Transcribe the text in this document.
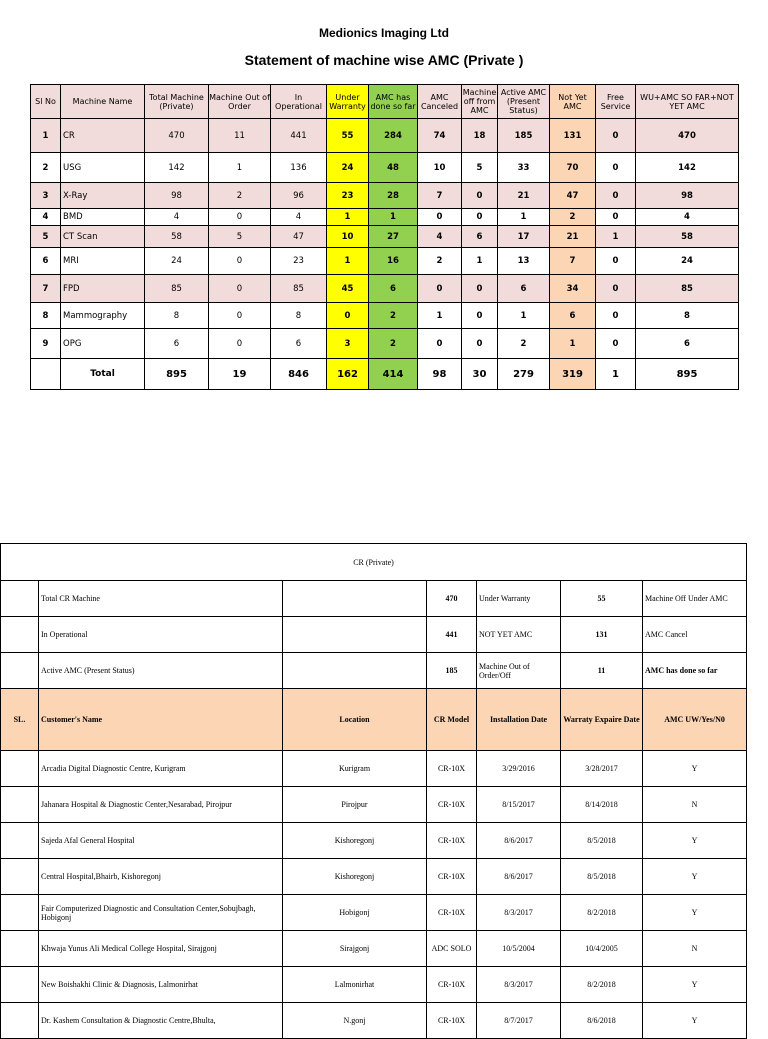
Medionics Imaging Ltd
Statement of machine wise AMC (Private )
Sl No	Machine Name	Total Machine (Private)	Machine Out of Order	In Operational	Under Warranty	AMC has done so far	AMC Canceled	Machine off from AMC	Active AMC (Present Status)	Not Yet AMC	Free Service	WU+AMC SO FAR+NOT YET AMC
1	CR	470	11	441	55	284	74	18	185	131	0	470
2	USG	142	1	136	24	48	10	5	33	70	0	142
3	X-Ray	98	2	96	23	28	7	0	21	47	0	98
4	BMD	4	0	4	1	1	0	0	1	2	0	4
5	CT Scan	58	5	47	10	27	4	6	17	21	1	58
6	MRI	24	0	23	1	16	2	1	13	7	0	24
7	FPD	85	0	85	45	6	0	0	6	34	0	85
8	Mammography	8	0	8	0	2	1	0	1	6	0	8
9	OPG	6	0	6	3	2	0	0	2	1	0	6
	Total	895	19	846	162	414	98	30	279	319	1	895
CR (Private)						
	Total CR Machine		470	Under Warranty	55	Machine Off Under AMC
	In Operational		441	NOT YET AMC	131	AMC Cancel
	Active AMC (Present Status)		185	Machine Out of Order/Off	11	AMC has done so far
SL.	Customer's Name	Location	CR Model	Installation Date	Warraty Expaire Date	AMC UW/Yes/N0
	Arcadia Digital Diagnostic Centre, Kurigram	Kurigram	CR-10X	3/29/2016	3/28/2017	Y
	Jahanara Hospital & Diagnostic Center,Nesarabad, Pirojpur	Pirojpur	CR-10X	8/15/2017	8/14/2018	N
	Sajeda Afal General Hospital	Kishoregonj	CR-10X	8/6/2017	8/5/2018	Y
	Central Hospital,Bhairb, Kishoregonj	Kishoregonj	CR-10X	8/6/2017	8/5/2018	Y
	Fair Computerized Diagnostic and Consultation Center,Sobujbagh, Hobigonj	Hobigonj	CR-10X	8/3/2017	8/2/2018	Y
	Khwaja Yunus Ali Medical College Hospital, Sirajgonj	Sirajgonj	ADC SOLO	10/5/2004	10/4/2005	N
	New Boishakhi Clinic & Diagnosis, Lalmonirhat	Lalmonirhat	CR-10X	8/3/2017	8/2/2018	Y
	Dr. Kashem Consultation & Diagnostic Centre,Bhulta,	N.gonj	CR-10X	8/7/2017	8/6/2018	Y
